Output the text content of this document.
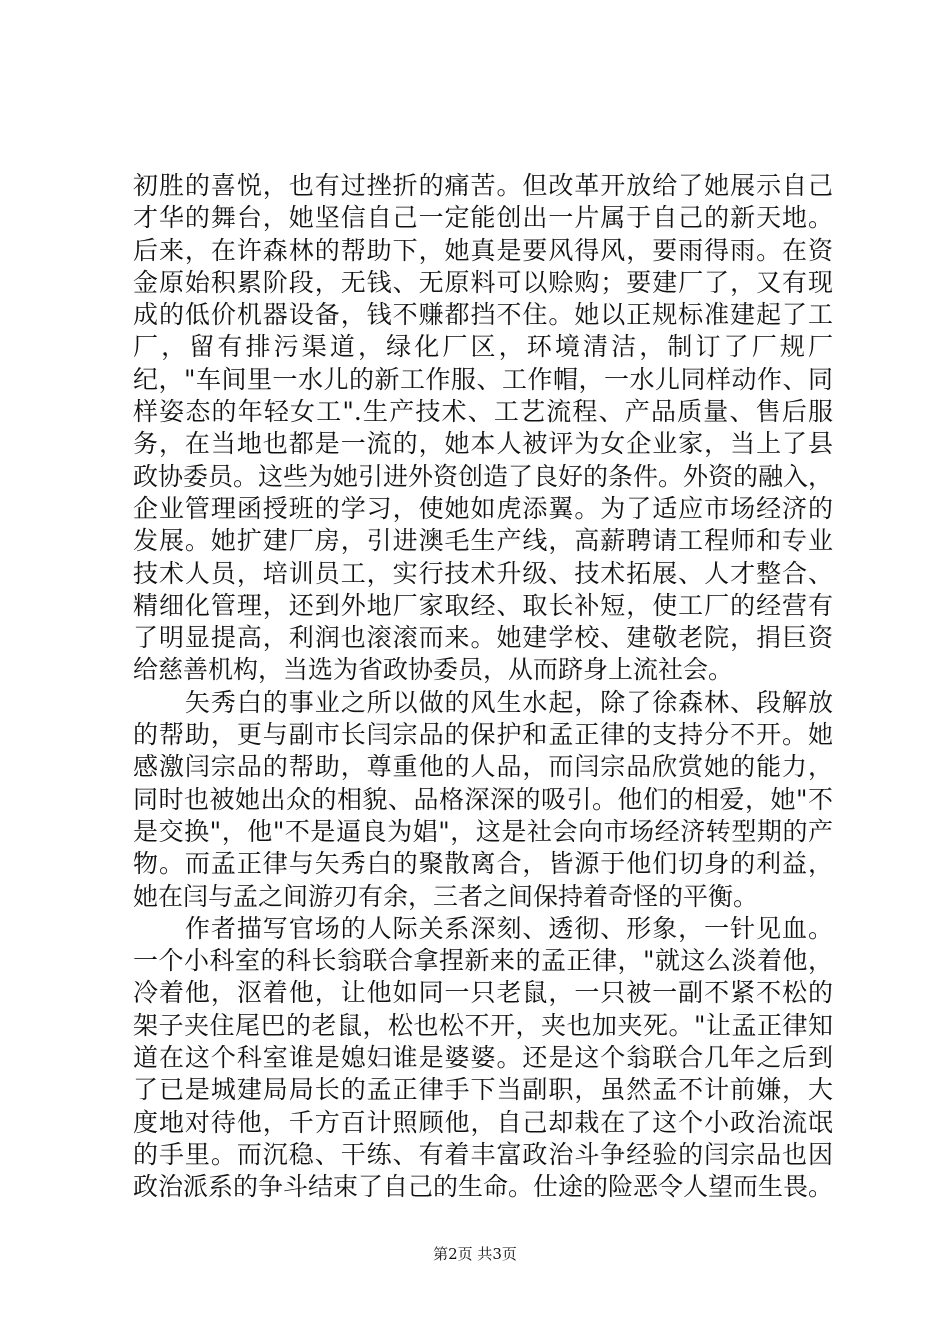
初胜的喜悦，也有过挫折的痛苦。但改革开放给了她展示自己
才华的舞台，她坚信自己一定能创出一片属于自己的新天地。
后来，在许森林的帮助下，她真是要风得风，要雨得雨。在资
金原始积累阶段，无钱、无原料可以赊购；要建厂了，又有现
成的低价机器设备，钱不赚都挡不住。她以正规标准建起了工
厂，留有排污渠道，绿化厂区，环境清洁，制订了厂规厂
纪，"车间里一水儿的新工作服、工作帽，一水儿同样动作、同
样姿态的年轻女工".生产技术、工艺流程、产品质量、售后服
务，在当地也都是一流的，她本人被评为女企业家，当上了县
政协委员。这些为她引进外资创造了良好的条件。外资的融入，
企业管理函授班的学习，使她如虎添翼。为了适应市场经济的
发展。她扩建厂房，引进澳毛生产线，高薪聘请工程师和专业
技术人员，培训员工，实行技术升级、技术拓展、人才整合、
精细化管理，还到外地厂家取经、取长补短，使工厂的经营有
了明显提高，利润也滚滚而来。她建学校、建敬老院，捐巨资
给慈善机构，当选为省政协委员，从而跻身上流社会。
　　矢秀白的事业之所以做的风生水起，除了徐森林、段解放
的帮助，更与副市长闫宗品的保护和孟正律的支持分不开。她
感激闫宗品的帮助，尊重他的人品，而闫宗品欣赏她的能力，
同时也被她出众的相貌、品格深深的吸引。他们的相爱，她"不
是交换"，他"不是逼良为娼"，这是社会向市场经济转型期的产
物。而孟正律与矢秀白的聚散离合，皆源于他们切身的利益，
她在闫与孟之间游刃有余，三者之间保持着奇怪的平衡。
　　作者描写官场的人际关系深刻、透彻、形象，一针见血。
一个小科室的科长翁联合拿捏新来的孟正律，"就这么淡着他，
冷着他，沤着他，让他如同一只老鼠，一只被一副不紧不松的
架子夹住尾巴的老鼠，松也松不开，夹也加夹死。"让孟正律知
道在这个科室谁是媳妇谁是婆婆。还是这个翁联合几年之后到
了已是城建局局长的孟正律手下当副职，虽然孟不计前嫌，大
度地对待他，千方百计照顾他，自己却栽在了这个小政治流氓
的手里。而沉稳、干练、有着丰富政治斗争经验的闫宗品也因
政治派系的争斗结束了自己的生命。仕途的险恶令人望而生畏。
第2页 共3页
